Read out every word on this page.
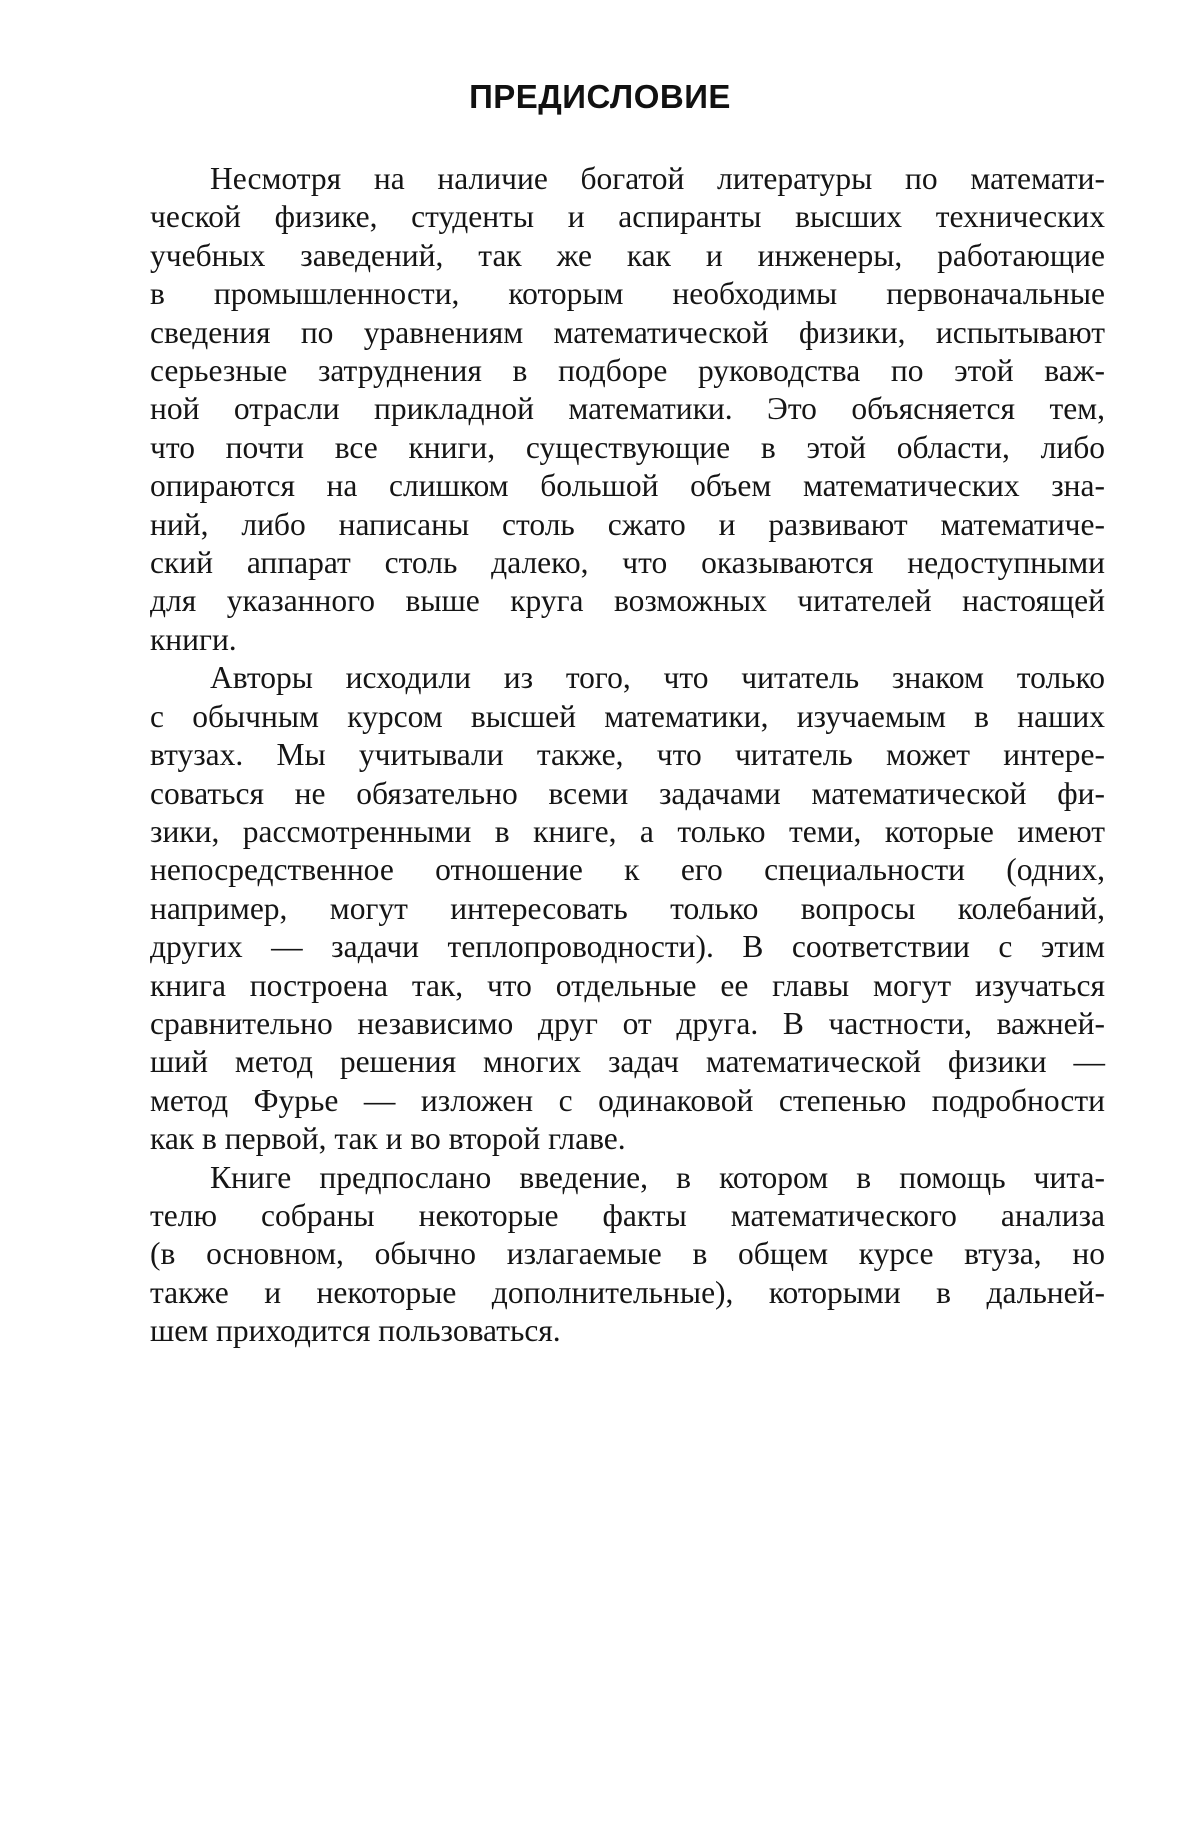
ПРЕДИСЛОВИЕ
Несмотря на наличие богатой литературы по математи-
ческой физике, студенты и аспиранты высших технических
учебных заведений, так же как и инженеры, работающие
в промышленности, которым необходимы первоначальные
сведения по уравнениям математической физики, испытывают
серьезные затруднения в подборе руководства по этой важ-
ной отрасли прикладной математики. Это объясняется тем,
что почти все книги, существующие в этой области, либо
опираются на слишком большой объем математических зна-
ний, либо написаны столь сжато и развивают математиче-
ский аппарат столь далеко, что оказываются недоступными
для указанного выше круга возможных читателей настоящей
книги.
Авторы исходили из того, что читатель знаком только
с обычным курсом высшей математики, изучаемым в наших
втузах. Мы учитывали также, что читатель может интере-
соваться не обязательно всеми задачами математической фи-
зики, рассмотренными в книге, а только теми, которые имеют
непосредственное отношение к его специальности (одних,
например, могут интересовать только вопросы колебаний,
других — задачи теплопроводности). В соответствии с этим
книга построена так, что отдельные ее главы могут изучаться
сравнительно независимо друг от друга. В частности, важней-
ший метод решения многих задач математической физики —
метод Фурье — изложен с одинаковой степенью подробности
как в первой, так и во второй главе.
Книге предпослано введение, в котором в помощь чита-
телю собраны некоторые факты математического анализа
(в основном, обычно излагаемые в общем курсе втуза, но
также и некоторые дополнительные), которыми в дальней-
шем приходится пользоваться.
